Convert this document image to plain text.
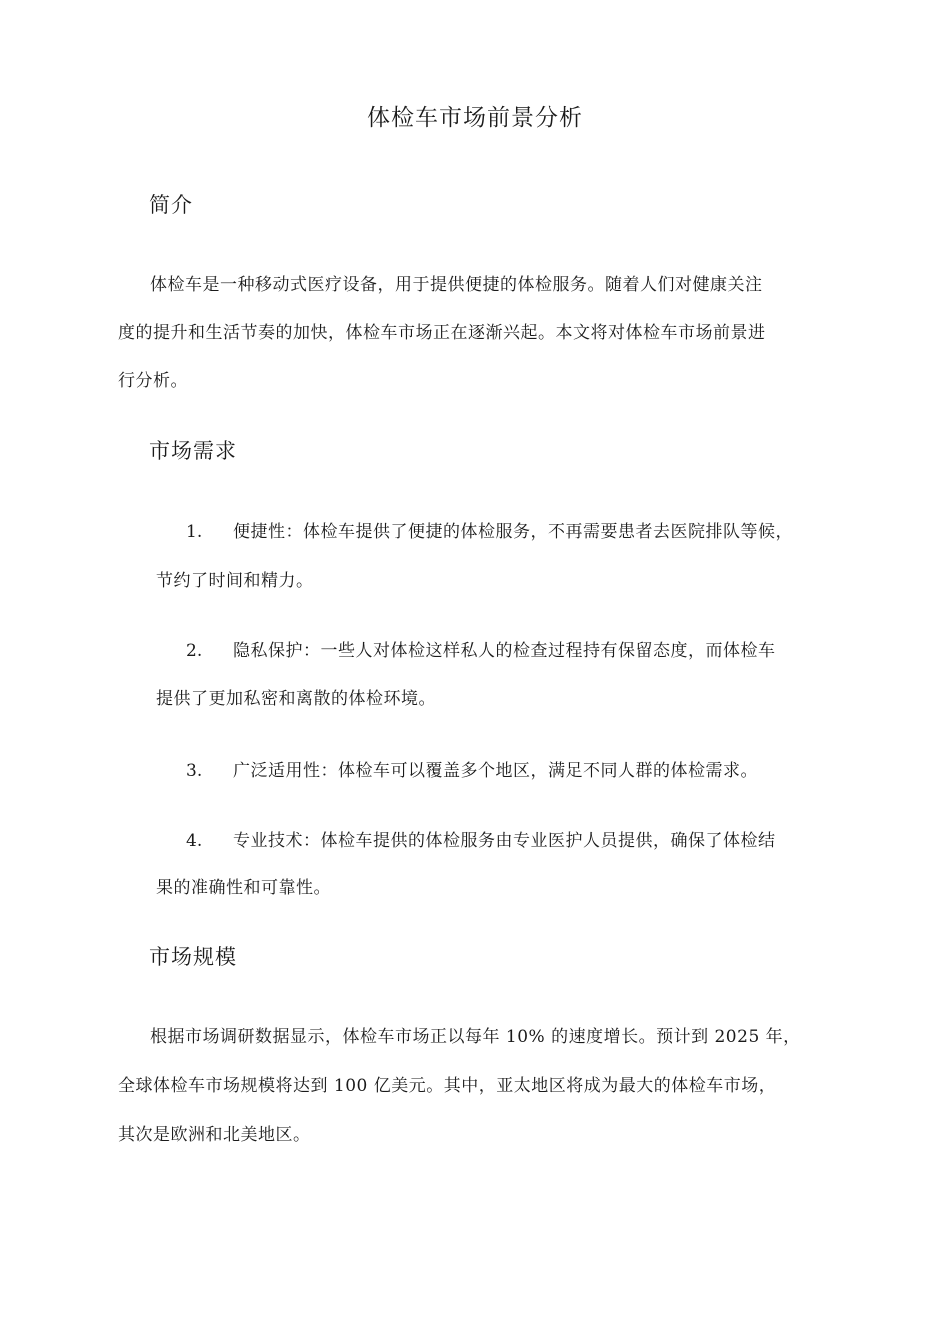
体检车市场前景分析
简介
体检车是一种移动式医疗设备，用于提供便捷的体检服务。随着人们对健康关注
度的提升和生活节奏的加快，体检车市场正在逐渐兴起。本文将对体检车市场前景进
行分析。
市场需求
1. 便捷性：体检车提供了便捷的体检服务，不再需要患者去医院排队等候，
节约了时间和精力。
2. 隐私保护：一些人对体检这样私人的检查过程持有保留态度，而体检车
提供了更加私密和离散的体检环境。
3. 广泛适用性：体检车可以覆盖多个地区，满足不同人群的体检需求。
4. 专业技术：体检车提供的体检服务由专业医护人员提供，确保了体检结
果的准确性和可靠性。
市场规模
根据市场调研数据显示，体检车市场正以每年 10% 的速度增长。预计到 2025 年，
全球体检车市场规模将达到 100 亿美元。其中，亚太地区将成为最大的体检车市场，
其次是欧洲和北美地区。
